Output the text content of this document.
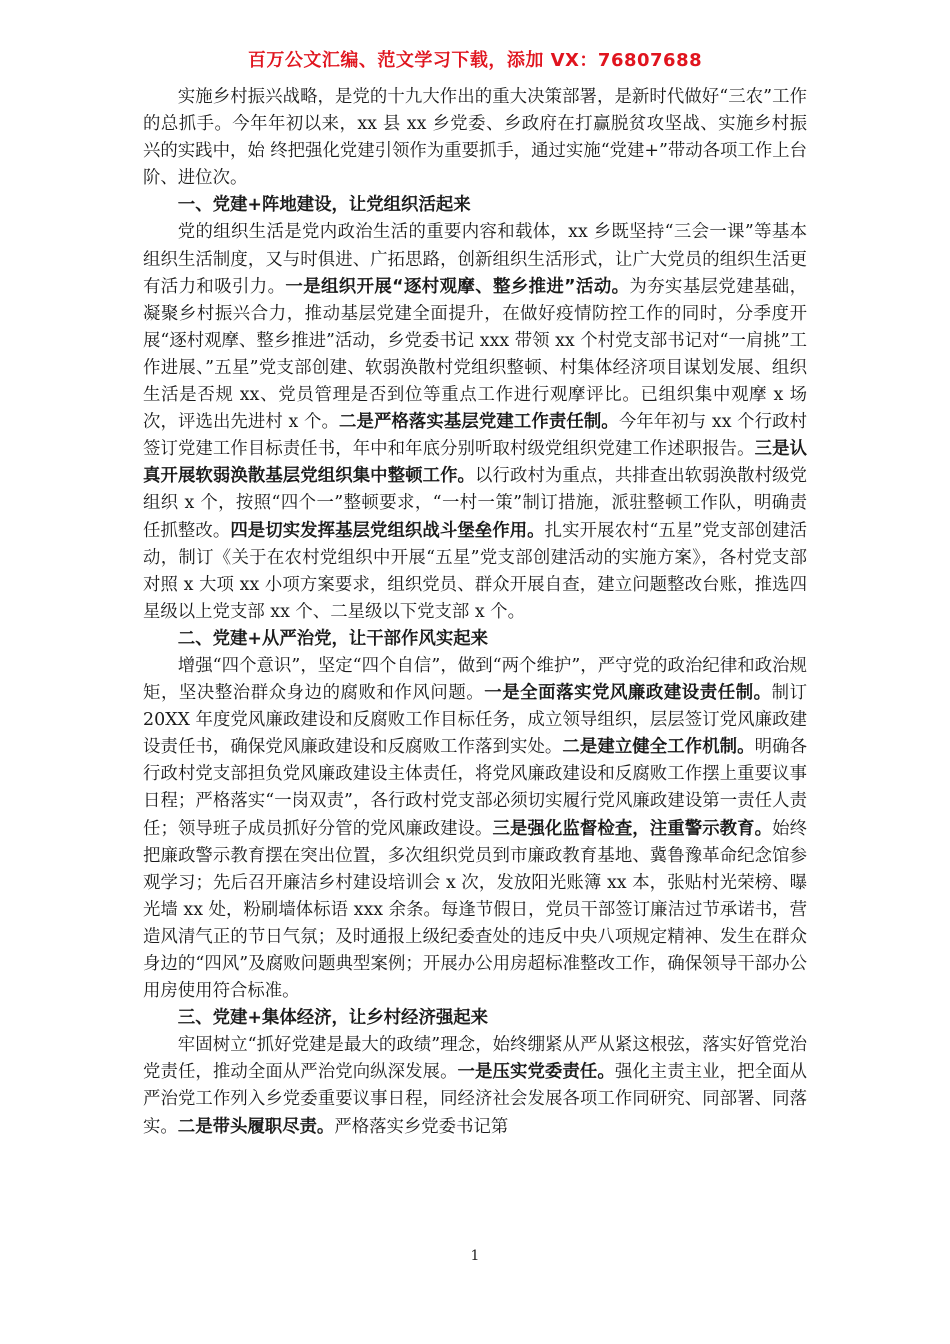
百万公文汇编、范文学习下载，添加 VX：76807688

实施乡村振兴战略，是党的十九大作出的重大决策部署，是新时代做好“三农”工作的总抓手。今年年初以来，xx 县 xx 乡党委、乡政府在打赢脱贫攻坚战、实施乡村振兴的实践中，始 终把强化党建引领作为重要抓手，通过实施“党建+”带动各项工作上台阶、进位次。

一、党建+阵地建设，让党组织活起来

党的组织生活是党内政治生活的重要内容和载体，xx 乡既坚持“三会一课”等基本组织生活制度，又与时俱进、广拓思路，创新组织生活形式，让广大党员的组织生活更有活力和吸引力。一是组织开展“逐村观摩、整乡推进”活动。为夯实基层党建基础，凝聚乡村振兴合力，推动基层党建全面提升，在做好疫情防控工作的同时，分季度开展“逐村观摩、整乡推进”活动，乡党委书记 xxx 带领 xx 个村党支部书记对“一肩挑”工作进展、”五星”党支部创建、软弱涣散村党组织整顿、村集体经济项目谋划发展、组织生活是否规 xx、党员管理是否到位等重点工作进行观摩评比。已组织集中观摩 x 场次，评选出先进村 x 个。二是严格落实基层党建工作责任制。今年年初与 xx 个行政村签订党建工作目标责任书，年中和年底分别听取村级党组织党建工作述职报告。三是认真开展软弱涣散基层党组织集中整顿工作。以行政村为重点，共排查出软弱涣散村级党组织 x 个，按照“四个一”整顿要求，“一村一策”制订措施，派驻整顿工作队，明确责任抓整改。四是切实发挥基层党组织战斗堡垒作用。扎实开展农村“五星”党支部创建活动，制订《关于在农村党组织中开展“五星”党支部创建活动的实施方案》，各村党支部对照 x 大项 xx 小项方案要求，组织党员、群众开展自查，建立问题整改台账，推选四星级以上党支部 xx 个、二星级以下党支部 x 个。

二、党建+从严治党，让干部作风实起来

增强“四个意识”，坚定“四个自信”，做到“两个维护”，严守党的政治纪律和政治规矩，坚决整治群众身边的腐败和作风问题。一是全面落实党风廉政建设责任制。制订 20XX 年度党风廉政建设和反腐败工作目标任务，成立领导组织，层层签订党风廉政建设责任书，确保党风廉政建设和反腐败工作落到实处。二是建立健全工作机制。明确各行政村党支部担负党风廉政建设主体责任，将党风廉政建设和反腐败工作摆上重要议事日程；严格落实“一岗双责”，各行政村党支部必须切实履行党风廉政建设第一责任人责任；领导班子成员抓好分管的党风廉政建设。三是强化监督检查，注重警示教育。始终把廉政警示教育摆在突出位置，多次组织党员到市廉政教育基地、冀鲁豫革命纪念馆参观学习；先后召开廉洁乡村建设培训会 x 次，发放阳光账簿 xx 本，张贴村光荣榜、曝光墙 xx 处，粉刷墙体标语 xxx 余条。每逢节假日，党员干部签订廉洁过节承诺书，营造风清气正的节日气氛；及时通报上级纪委查处的违反中央八项规定精神、发生在群众身边的“四风”及腐败问题典型案例；开展办公用房超标准整改工作，确保领导干部办公用房使用符合标准。

三、党建+集体经济，让乡村经济强起来

牢固树立“抓好党建是最大的政绩”理念，始终绷紧从严从紧这根弦，落实好管党治党责任，推动全面从严治党向纵深发展。一是压实党委责任。强化主责主业，把全面从严治党工作列入乡党委重要议事日程，同经济社会发展各项工作同研究、同部署、同落实。二是带头履职尽责。严格落实乡党委书记第

1
